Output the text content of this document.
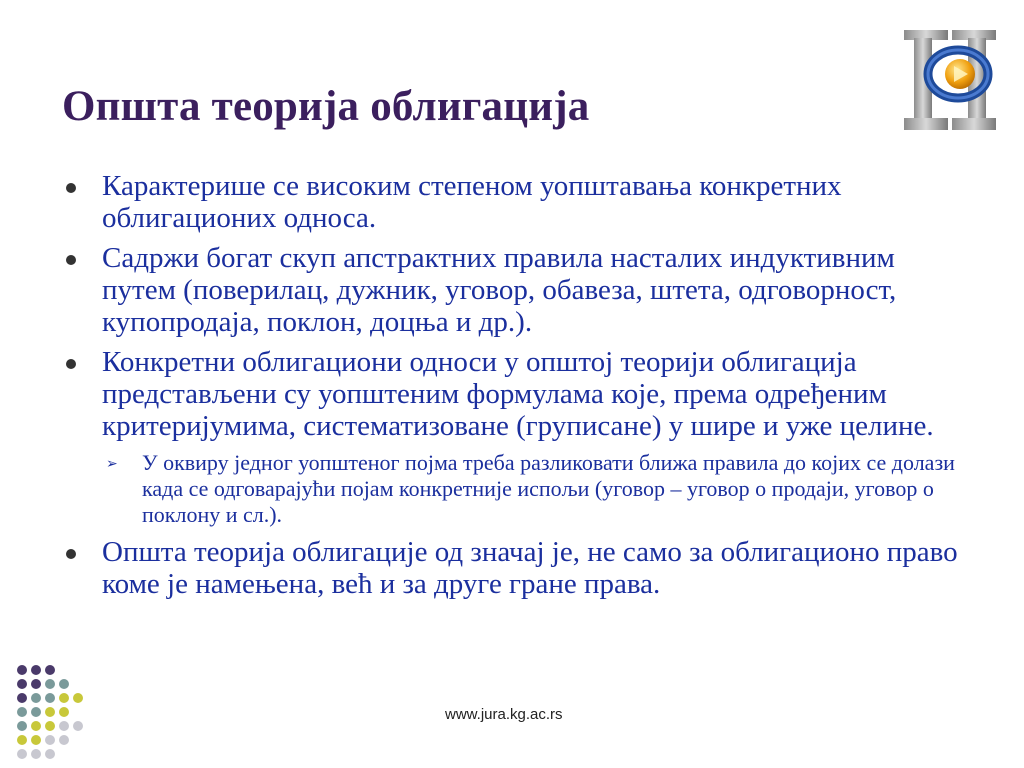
Општа теорија облигација
Карактерише се високим степеном уопштавања конкретних облигационих односа.
Садржи богат скуп апстрактних правила насталих индуктивним путем (поверилац, дужник, уговор, обавеза, штета, одговорност, купопродаја, поклон, доцња и др.).
Конкретни облигациони односи у општој теорији облигација представљени су уопштеним формулама које, према одређеним критеријумима, систематизоване (груписане) у шире и уже целине.
➢ У оквиру једног уопштеног појма треба разликовати ближа правила до којих се долази када се одговарајући појам конкретније испољи (уговор – уговор о продаји, уговор о поклону и сл.).
Општа теорија облигације од значај је, не само за облигационо право коме је намењена, већ и за друге гране права.
www.jura.kg.ac.rs
